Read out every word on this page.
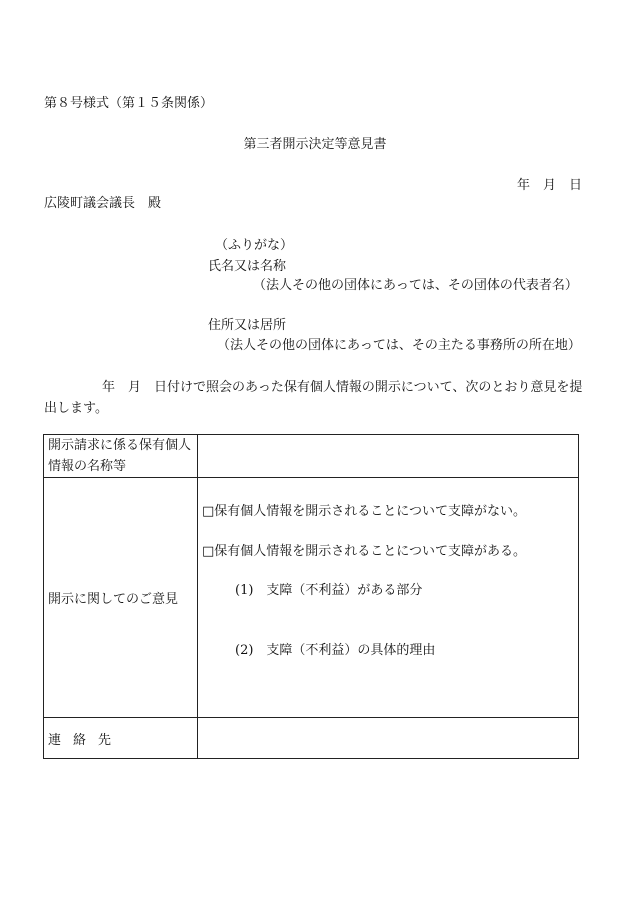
第８号様式（第１５条関係）
第三者開示決定等意見書
年　月　日
広陵町議会議長　殿
（ふりがな）
氏名又は名称
（法人その他の団体にあっては、その団体の代表者名）
住所又は居所
（法人その他の団体にあっては、その主たる事務所の所在地）
年　月　日付けで照会のあった保有個人情報の開示について、次のとおり意見を提出します。
開示請求に係る保有個人情報の名称等	
開示に関してのご意見	□保有個人情報を開示されることについて支障がない。
□保有個人情報を開示されることについて支障がある。
(1)　支障（不利益）がある部分
(2)　支障（不利益）の具体的理由

連絡先	
